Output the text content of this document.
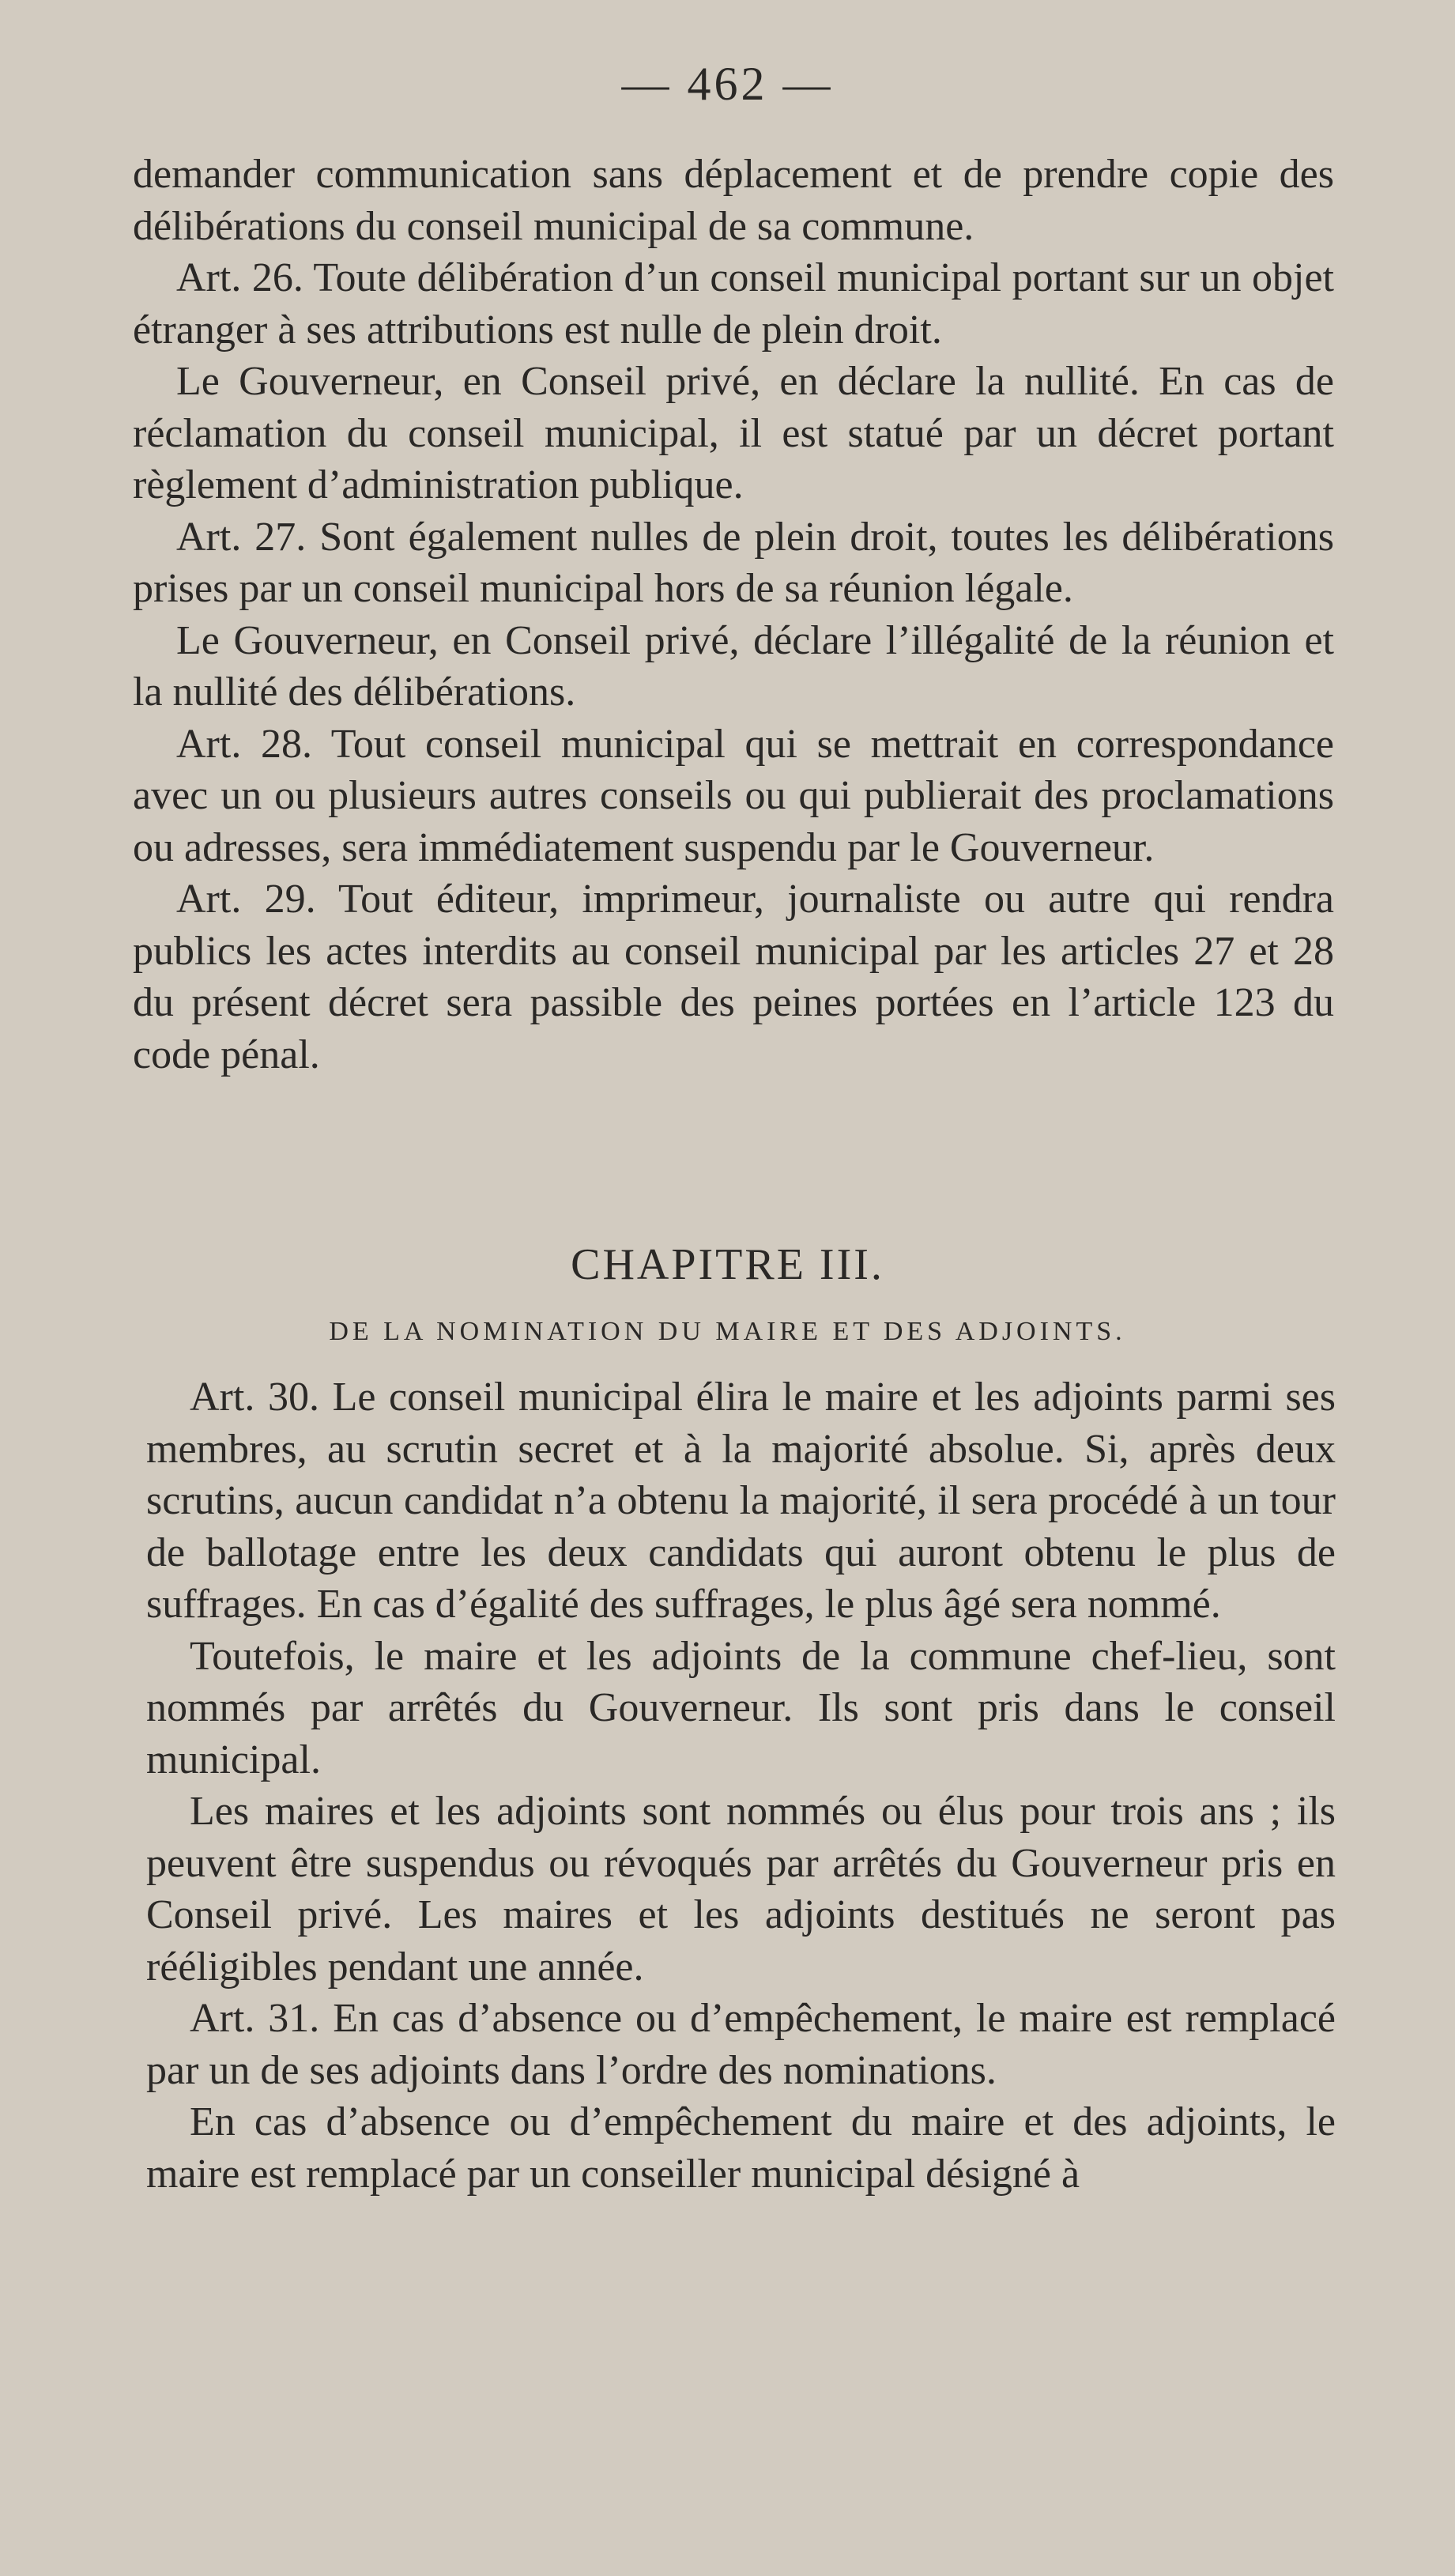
— 462 —

demander communication sans déplacement et de prendre copie des délibérations du conseil municipal de sa commune.

Art. 26. Toute délibération d’un conseil municipal portant sur un objet étranger à ses attributions est nulle de plein droit.

Le Gouverneur, en Conseil privé, en déclare la nullité. En cas de réclamation du conseil municipal, il est statué par un décret portant règlement d’administration publique.

Art. 27. Sont également nulles de plein droit, toutes les délibérations prises par un conseil municipal hors de sa réunion légale.

Le Gouverneur, en Conseil privé, déclare l’illégalité de la réunion et la nullité des délibérations.

Art. 28. Tout conseil municipal qui se mettrait en correspondance avec un ou plusieurs autres conseils ou qui publierait des proclamations ou adresses, sera immédiatement suspendu par le Gouverneur.

Art. 29. Tout éditeur, imprimeur, journaliste ou autre qui rendra publics les actes interdits au conseil municipal par les articles 27 et 28 du présent décret sera passible des peines portées en l’article 123 du code pénal.

CHAPITRE III.
DE LA NOMINATION DU MAIRE ET DES ADJOINTS.

Art. 30. Le conseil municipal élira le maire et les adjoints parmi ses membres, au scrutin secret et à la majorité absolue. Si, après deux scrutins, aucun candidat n’a obtenu la majorité, il sera procédé à un tour de ballotage entre les deux candidats qui auront obtenu le plus de suffrages. En cas d’égalité des suffrages, le plus âgé sera nommé.

Toutefois, le maire et les adjoints de la commune chef-lieu, sont nommés par arrêtés du Gouverneur. Ils sont pris dans le conseil municipal.

Les maires et les adjoints sont nommés ou élus pour trois ans ; ils peuvent être suspendus ou révoqués par arrêtés du Gouverneur pris en Conseil privé. Les maires et les adjoints destitués ne seront pas rééligibles pendant une année.

Art. 31. En cas d’absence ou d’empêchement, le maire est remplacé par un de ses adjoints dans l’ordre des nominations.

En cas d’absence ou d’empêchement du maire et des adjoints, le maire est remplacé par un conseiller municipal désigné à
